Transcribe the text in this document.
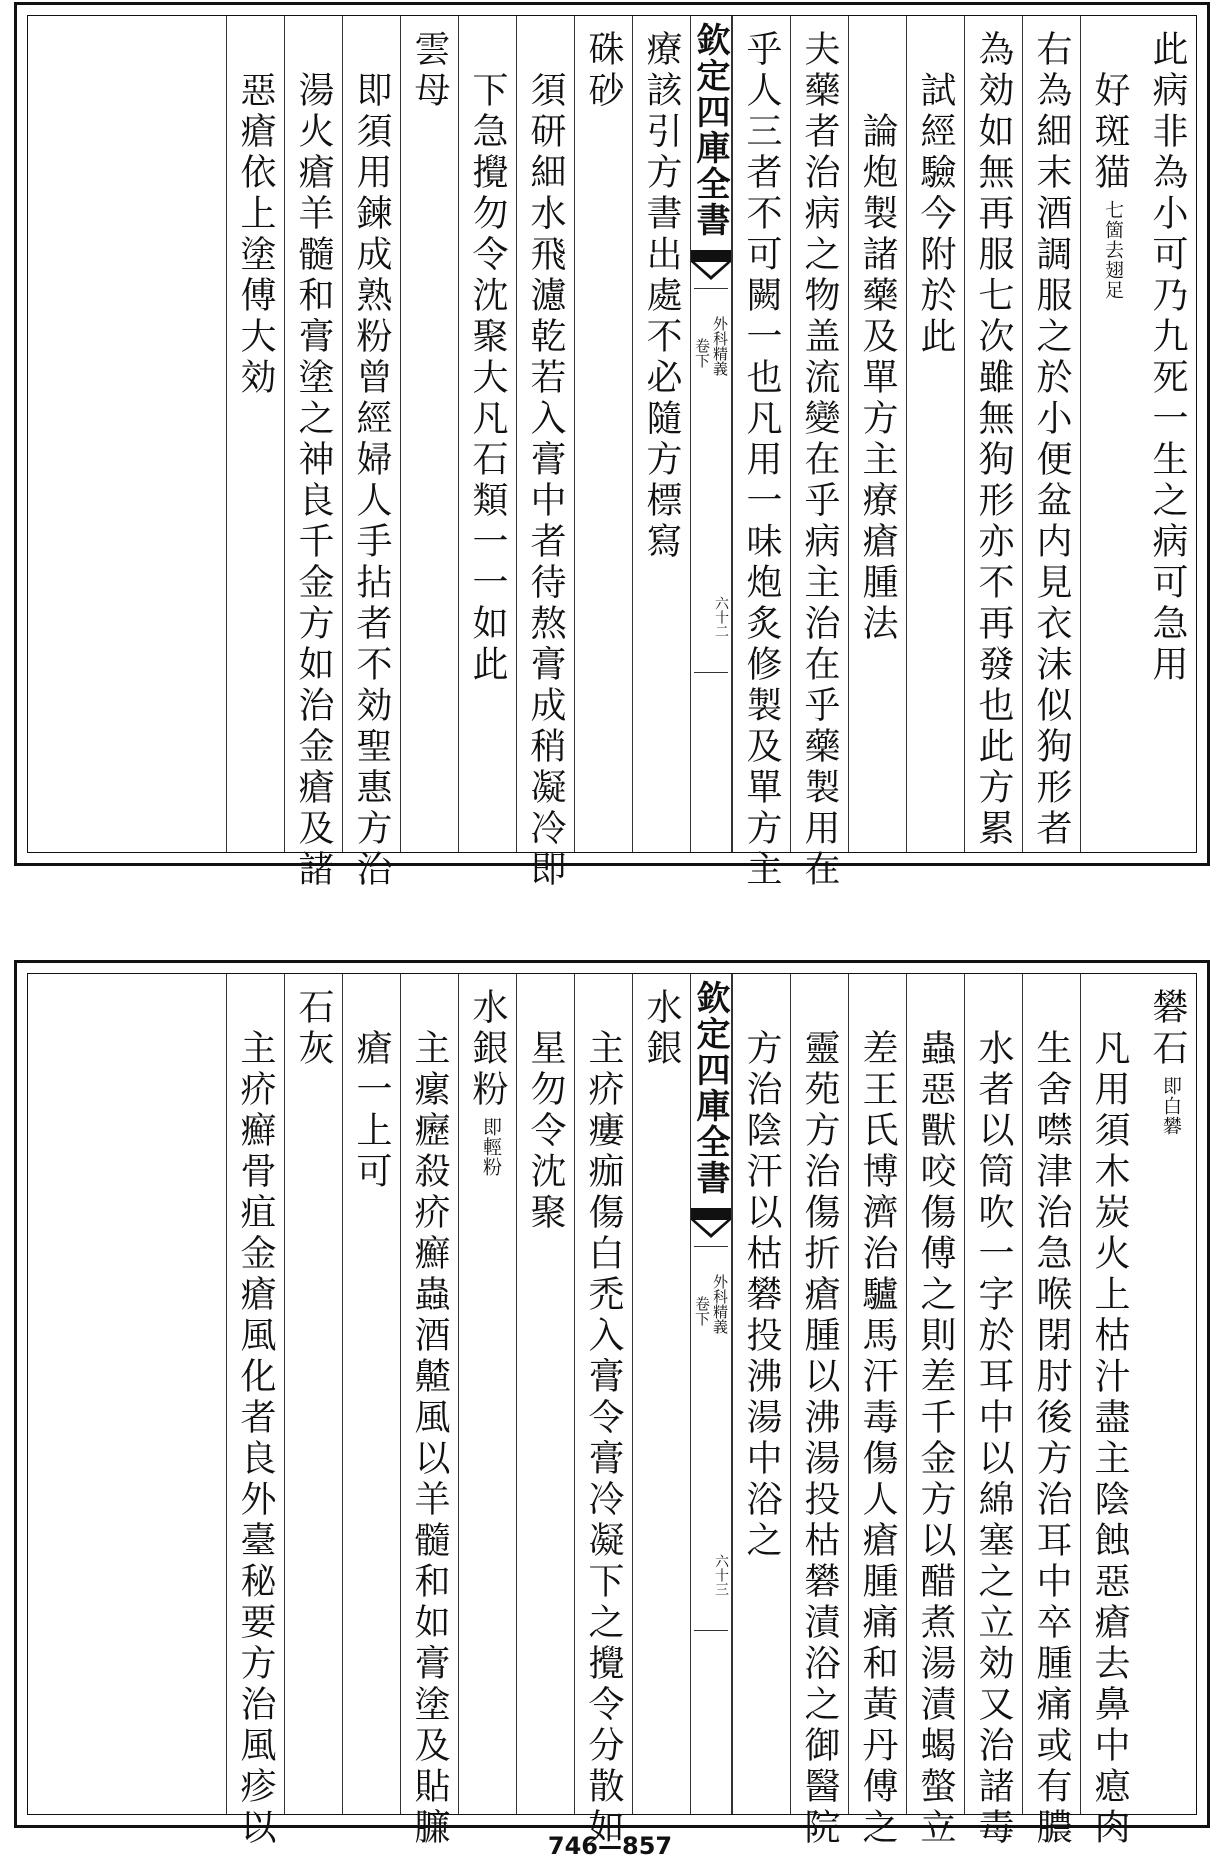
欽定四庫全書
外科精義
卷下
六十二	此病非為小可乃九死一生之病可急用
好斑猫
七箇去翅足
右為細末酒調服之於小便盆内見衣沫似狗形者
為効如無再服七次雖無狗形亦不再發也此方累
試經驗今附於此
論炮製諸藥及單方主療瘡腫法
夫藥者治病之物盖流變在乎病主治在乎藥製用在
乎人三者不可闕一也凡用一味炮炙修製及單方主
療該引方書出處不必隨方標寫
硃砂
須研細水飛濾乾若入膏中者待熬膏成稍凝冷即
下急攪勿令沈聚大凡石類一一如此
雲母
即須用鍊成熟粉曾經婦人手拈者不効聖惠方治
湯火瘡羊髓和膏塗之神良千金方如治金瘡及諸
惡瘡依上塗傅大効
欽定四庫全書
外科精義
卷下
六十三
礬石
即白礬
凡用須木炭火上枯汁盡主陰蝕惡瘡去鼻中瘜肉
生舍噤津治急喉閉肘後方治耳中卒腫痛或有膿
水者以筒吹一字於耳中以綿塞之立効又治諸毒
蟲惡獸咬傷傅之則差千金方以醋煮湯漬蝎螫立
差王氏博濟治驢馬汗毒傷人瘡腫痛和黃丹傅之
靈苑方治傷折瘡腫以沸湯投枯礬漬浴之御醫院
方治陰汗以枯礬投沸湯中浴之
水銀
主疥瘻痂傷白禿入膏令膏冷凝下之攪令分散如
星勿令沈聚
水銀粉
即輕粉
主瘰癧殺疥癬蟲酒齄風以羊髓和如膏塗及貼臁
瘡一上可
石灰
主疥癬骨疽金瘡風化者良外臺秘要方治風疹以	746—857
